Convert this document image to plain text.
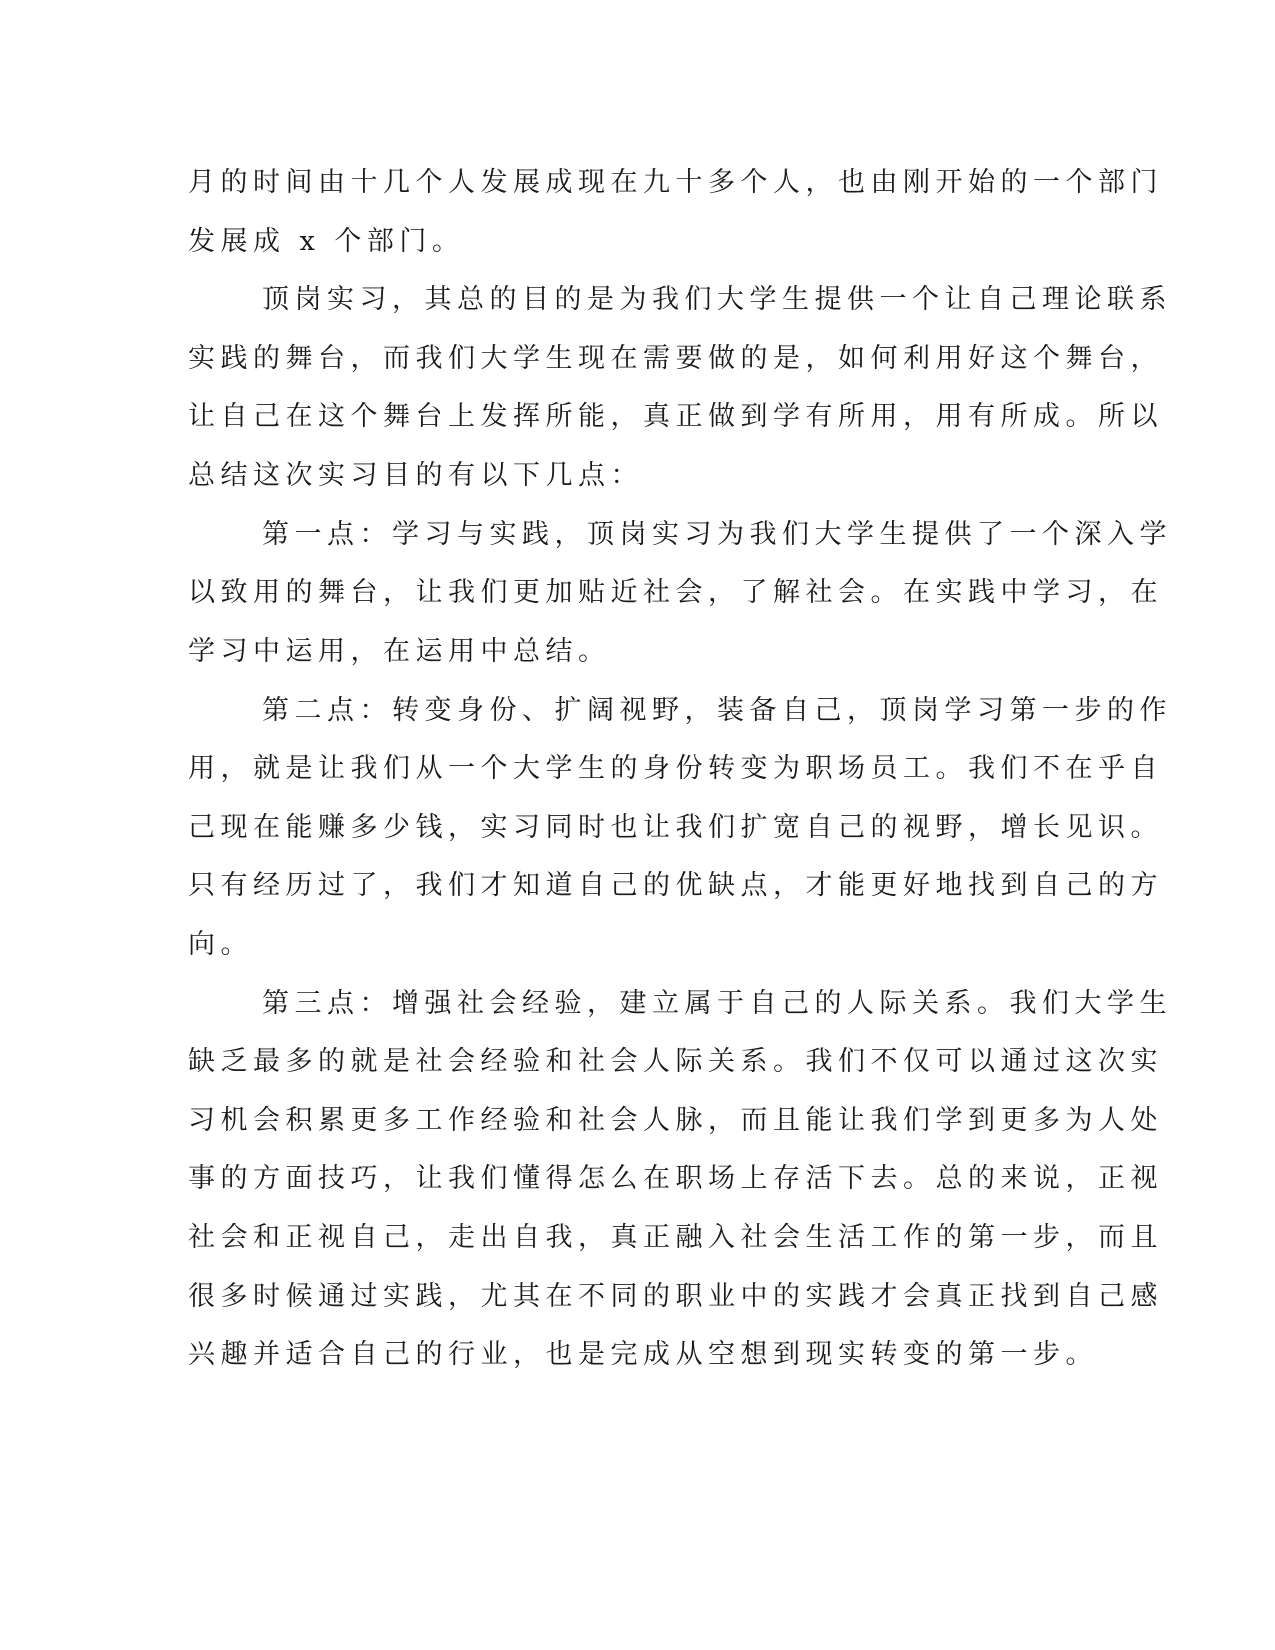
月的时间由十几个人发展成现在九十多个人，也由刚开始的一个部门

发展成 x 个部门。

顶岗实习，其总的目的是为我们大学生提供一个让自己理论联系

实践的舞台，而我们大学生现在需要做的是，如何利用好这个舞台，

让自己在这个舞台上发挥所能，真正做到学有所用，用有所成。所以

总结这次实习目的有以下几点：

第一点：学习与实践，顶岗实习为我们大学生提供了一个深入学

以致用的舞台，让我们更加贴近社会，了解社会。在实践中学习，在

学习中运用，在运用中总结。

第二点：转变身份、扩阔视野，装备自己，顶岗学习第一步的作

用，就是让我们从一个大学生的身份转变为职场员工。我们不在乎自

己现在能赚多少钱，实习同时也让我们扩宽自己的视野，增长见识。

只有经历过了，我们才知道自己的优缺点，才能更好地找到自己的方

向。

第三点：增强社会经验，建立属于自己的人际关系。我们大学生

缺乏最多的就是社会经验和社会人际关系。我们不仅可以通过这次实

习机会积累更多工作经验和社会人脉，而且能让我们学到更多为人处

事的方面技巧，让我们懂得怎么在职场上存活下去。总的来说，正视

社会和正视自己，走出自我，真正融入社会生活工作的第一步，而且

很多时候通过实践，尤其在不同的职业中的实践才会真正找到自己感

兴趣并适合自己的行业，也是完成从空想到现实转变的第一步。
